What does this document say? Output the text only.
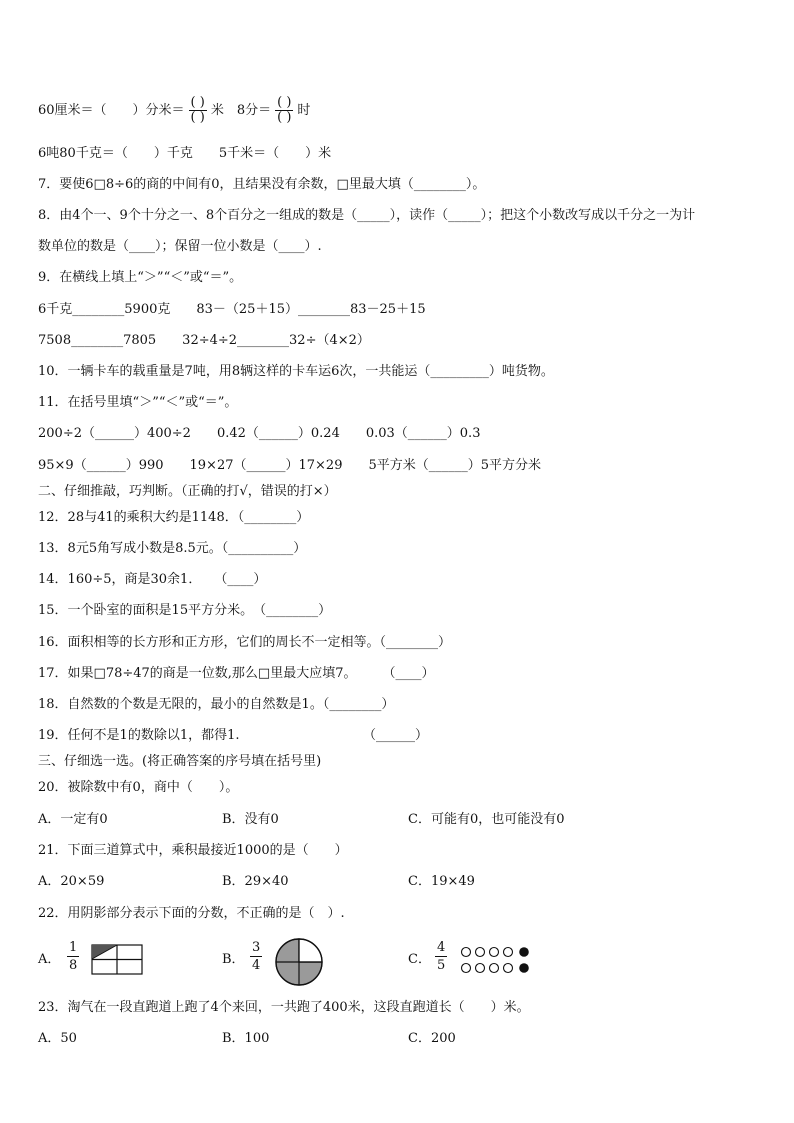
60厘米＝（　　）分米＝ $\frac{( )}{( )}$ 米　8分＝ $\frac{( )}{( )}$ 时
6吨80千克＝（　　）千克　　5千米＝（　　）米
7．要使6□8÷6的商的中间有0，且结果没有余数，□里最大填（________）。
8．由4个一、9个十分之一、8个百分之一组成的数是（_____），读作（_____）；把这个小数改写成以千分之一为计
数单位的数是（____）；保留一位小数是（____）.
9．在横线上填上“＞”“＜”或“＝”。
6千克________5900克　　83－（25＋15）________83－25＋15
7508________7805　　32÷4÷2________32÷（4×2）
10．一辆卡车的载重量是7吨，用8辆这样的卡车运6次，一共能运（_________）吨货物。
11．在括号里填“＞”“＜”或“＝”。
200÷2（______）400÷2　　0.42（______）0.24　　0.03（______）0.3
95×9（______）990　　19×27（______）17×29　　5平方米（______）5平方分米
二、仔细推敲，巧判断。（正确的打√，错误的打×）
12．28与41的乘积大约是1148．（________）
13．8元5角写成小数是8.5元。（__________）
14．160÷5，商是30余1．　　（____）
15．一个卧室的面积是15平方分米。　（________）
16．面积相等的长方形和正方形，它们的周长不一定相等。（________）
17．如果□78÷47的商是一位数,那么□里最大应填7。　　　（____）
18．自然数的个数是无限的，最小的自然数是1。（________）
19．任何不是1的数除以1，都得1.　　　　　　　　　　（______）
三、仔细选一选。(将正确答案的序号填在括号里)
20．被除数中有0，商中（　　）。
A．一定有0	B．没有0	C．可能有0，也可能没有0
21．下面三道算式中，乘积最接近1000的是（　　）
A．20×59	B．29×40	C．19×49
22．用阴影部分表示下面的分数，不正确的是（　）.
A． $\frac{1}{8}$	B． $\frac{3}{4}$	C． $\frac{4}{5}$
23．淘气在一段直跑道上跑了4个来回，一共跑了400米，这段直跑道长（　　）米。
A．50	B．100	C．200
